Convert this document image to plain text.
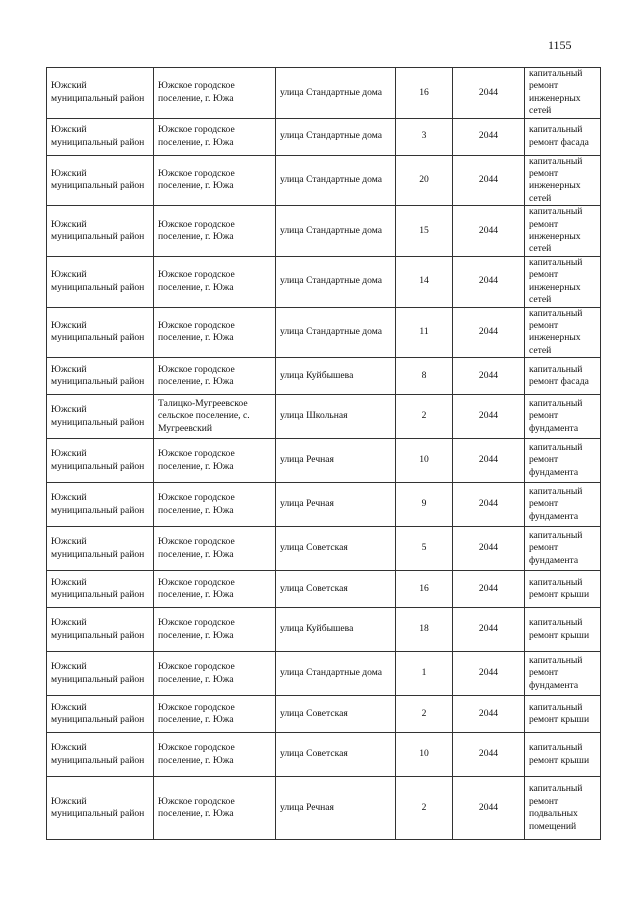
1155
Южский муниципальный район	Южское городское поселение, г. Южа	улица Стандартные дома	16	2044	капитальный ремонт инженерных сетей
Южский муниципальный район	Южское городское поселение, г. Южа	улица Стандартные дома	3	2044	капитальный ремонт фасада
Южский муниципальный район	Южское городское поселение, г. Южа	улица Стандартные дома	20	2044	капитальный ремонт инженерных сетей
Южский муниципальный район	Южское городское поселение, г. Южа	улица Стандартные дома	15	2044	капитальный ремонт инженерных сетей
Южский муниципальный район	Южское городское поселение, г. Южа	улица Стандартные дома	14	2044	капитальный ремонт инженерных сетей
Южский муниципальный район	Южское городское поселение, г. Южа	улица Стандартные дома	11	2044	капитальный ремонт инженерных сетей
Южский муниципальный район	Южское городское поселение, г. Южа	улица Куйбышева	8	2044	капитальный ремонт фасада
Южский муниципальный район	Талицко-Мугреевское сельское поселение, с. Мугреевский	улица Школьная	2	2044	капитальный ремонт фундамента
Южский муниципальный район	Южское городское поселение, г. Южа	улица Речная	10	2044	капитальный ремонт фундамента
Южский муниципальный район	Южское городское поселение, г. Южа	улица Речная	9	2044	капитальный ремонт фундамента
Южский муниципальный район	Южское городское поселение, г. Южа	улица Советская	5	2044	капитальный ремонт фундамента
Южский муниципальный район	Южское городское поселение, г. Южа	улица Советская	16	2044	капитальный ремонт крыши
Южский муниципальный район	Южское городское поселение, г. Южа	улица Куйбышева	18	2044	капитальный ремонт крыши
Южский муниципальный район	Южское городское поселение, г. Южа	улица Стандартные дома	1	2044	капитальный ремонт фундамента
Южский муниципальный район	Южское городское поселение, г. Южа	улица Советская	2	2044	капитальный ремонт крыши
Южский муниципальный район	Южское городское поселение, г. Южа	улица Советская	10	2044	капитальный ремонт крыши
Южский муниципальный район	Южское городское поселение, г. Южа	улица Речная	2	2044	капитальный ремонт подвальных помещений
